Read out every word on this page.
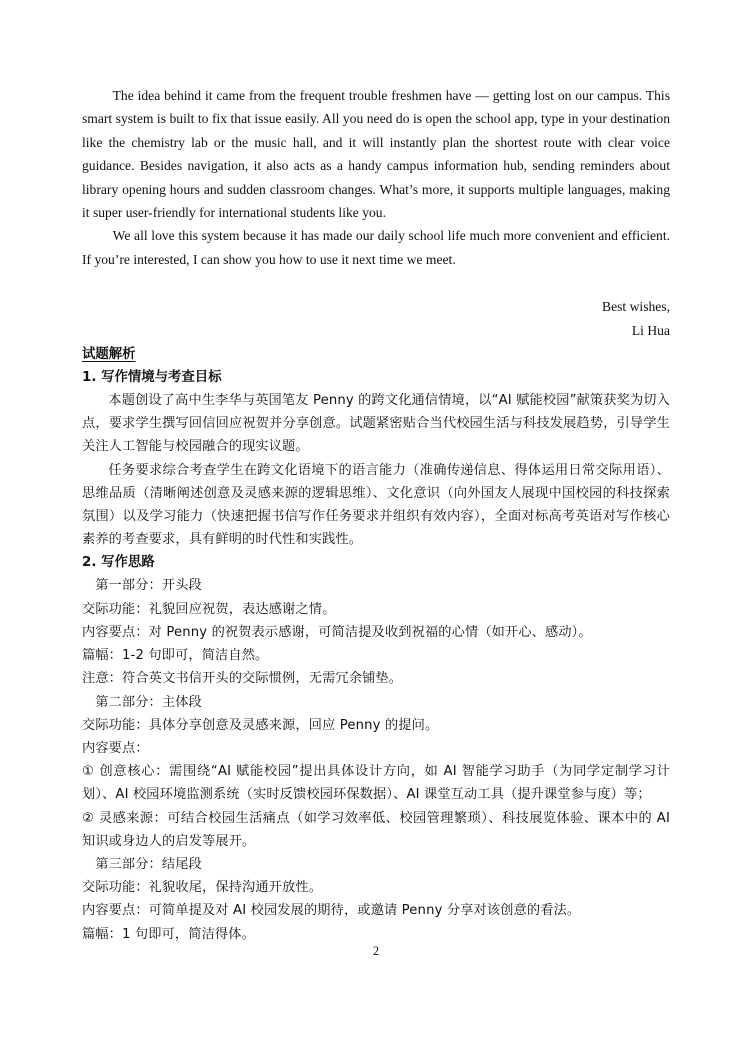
The idea behind it came from the frequent trouble freshmen have — getting lost on our campus. This smart system is built to fix that issue easily. All you need do is open the school app, type in your destination like the chemistry lab or the music hall, and it will instantly plan the shortest route with clear voice guidance. Besides navigation, it also acts as a handy campus information hub, sending reminders about library opening hours and sudden classroom changes. What’s more, it supports multiple languages, making it super user-friendly for international students like you.

We all love this system because it has made our daily school life much more convenient and efficient. If you’re interested, I can show you how to use it next time we meet.

Best wishes,

Li Hua

试题解析

1. 写作情境与考查目标

本题创设了高中生李华与英国笔友 Penny 的跨文化通信情境，以“AI 赋能校园”献策获奖为切入点，要求学生撰写回信回应祝贺并分享创意。试题紧密贴合当代校园生活与科技发展趋势，引导学生关注人工智能与校园融合的现实议题。

任务要求综合考查学生在跨文化语境下的语言能力（准确传递信息、得体运用日常交际用语）、思维品质（清晰阐述创意及灵感来源的逻辑思维）、文化意识（向外国友人展现中国校园的科技探索氛围）以及学习能力（快速把握书信写作任务要求并组织有效内容），全面对标高考英语对写作核心素养的考查要求，具有鲜明的时代性和实践性。

2. 写作思路

第一部分：开头段

交际功能：礼貌回应祝贺，表达感谢之情。

内容要点：对 Penny 的祝贺表示感谢，可简洁提及收到祝福的心情（如开心、感动）。

篇幅：1-2 句即可，简洁自然。

注意：符合英文书信开头的交际惯例，无需冗余铺垫。

第二部分：主体段

交际功能：具体分享创意及灵感来源，回应 Penny 的提问。

内容要点：

① 创意核心：需围绕“AI 赋能校园”提出具体设计方向，如 AI 智能学习助手（为同学定制学习计划）、AI 校园环境监测系统（实时反馈校园环保数据）、AI 课堂互动工具（提升课堂参与度）等；

② 灵感来源：可结合校园生活痛点（如学习效率低、校园管理繁琐）、科技展览体验、课本中的 AI 知识或身边人的启发等展开。

第三部分：结尾段

交际功能：礼貌收尾，保持沟通开放性。

内容要点：可简单提及对 AI 校园发展的期待，或邀请 Penny 分享对该创意的看法。

篇幅：1 句即可，简洁得体。

2
